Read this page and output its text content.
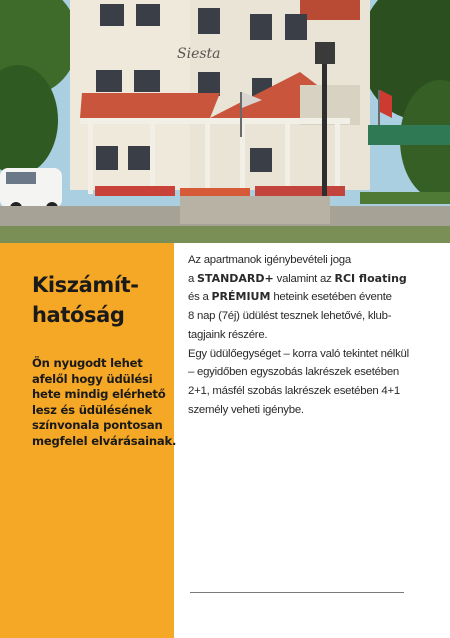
Siesta
Kiszámít-
hatóság
Ön nyugodt lehet
afelől hogy üdülési
hete mindig elérhető
lesz és üdülésének
színvonala pontosan
megfelel elvárásainak.
Az apartmanok igénybevételi joga
a STANDARD+ valamint az RCI floating
és a PRÉMIUM heteink esetében évente
8 nap (7éj) üdülést tesznek lehetővé, klub-
tagjaink részére.
Egy üdülőegységet – korra való tekintet nélkül
– egyidőben egyszobás lakrészek esetében
2+1, másfél szobás lakrészek esetében 4+1
személy veheti igénybe.
